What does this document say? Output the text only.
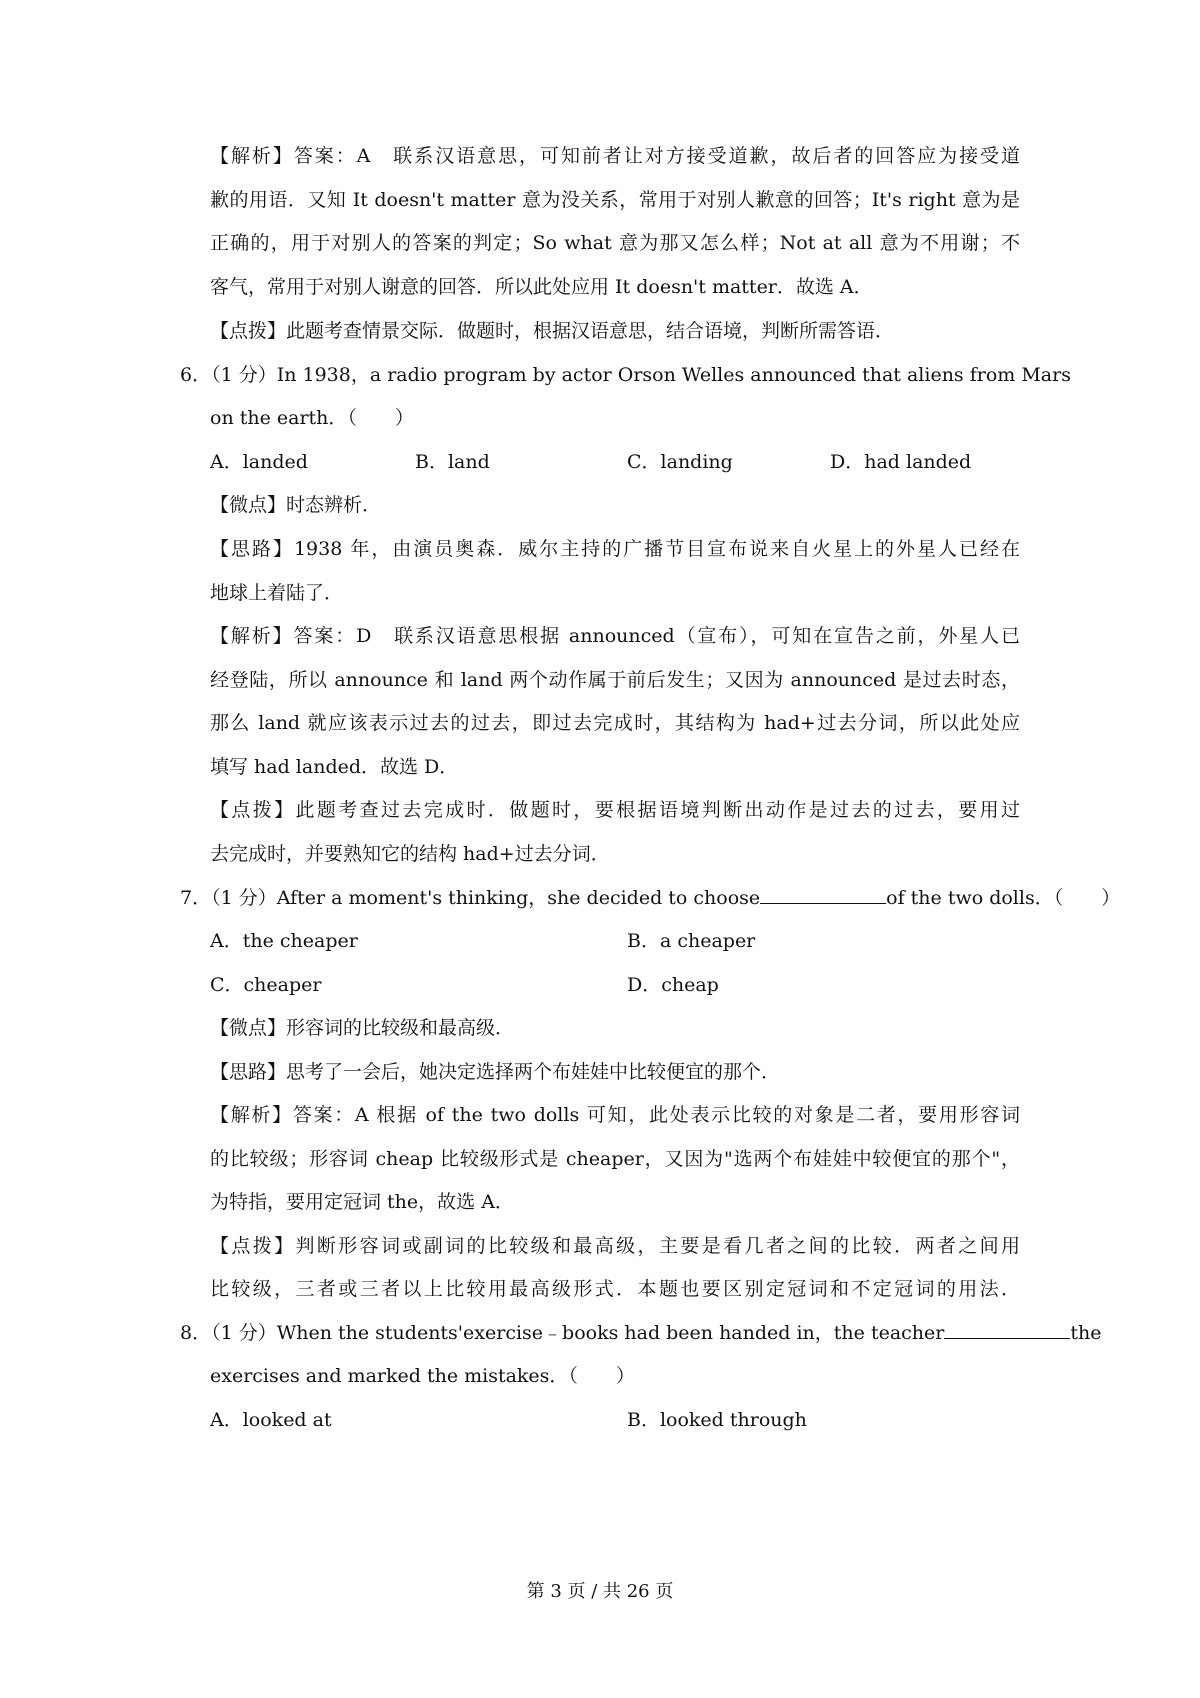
【解析】答案：A　联系汉语意思，可知前者让对方接受道歉，故后者的回答应为接受道
歉的用语．又知 It doesn't matter 意为没关系，常用于对别人歉意的回答；It's right 意为是
正确的，用于对别人的答案的判定；So what 意为那又怎么样；Not at all 意为不用谢；不
客气，常用于对别人谢意的回答．所以此处应用 It doesn't matter．故选 A．
【点拨】此题考查情景交际．做题时，根据汉语意思，结合语境，判断所需答语．
6．（1 分）In 1938，a radio program by actor Orson Welles announced that aliens from Mars
on the earth．（　　）
A．landed	B．land	C．landing	D．had landed
【微点】时态辨析．
【思路】1938 年，由演员奥森．威尔主持的广播节目宣布说来自火星上的外星人已经在
地球上着陆了．
【解析】答案：D　联系汉语意思根据 announced（宣布），可知在宣告之前，外星人已
经登陆，所以 announce 和 land 两个动作属于前后发生；又因为 announced 是过去时态，
那么 land 就应该表示过去的过去，即过去完成时，其结构为 had+过去分词，所以此处应
填写 had landed．故选 D．
【点拨】此题考查过去完成时．做题时，要根据语境判断出动作是过去的过去，要用过
去完成时，并要熟知它的结构 had+过去分词．
7．（1 分）After a moment's thinking，she decided to choose	of the two dolls．（　　）
A．the cheaper	B．a cheaper
C．cheaper	D．cheap
【微点】形容词的比较级和最高级．
【思路】思考了一会后，她决定选择两个布娃娃中比较便宜的那个．
【解析】答案：A 根据 of the two dolls 可知，此处表示比较的对象是二者，要用形容词
的比较级；形容词 cheap 比较级形式是 cheaper，又因为"选两个布娃娃中较便宜的那个"，
为特指，要用定冠词 the，故选 A．
【点拨】判断形容词或副词的比较级和最高级，主要是看几者之间的比较．两者之间用
比较级，三者或三者以上比较用最高级形式．本题也要区别定冠词和不定冠词的用法．
8．（1 分）When the students'exercise﹣books had been handed in，the teacher	the
exercises and marked the mistakes．（　　）
A．looked at	B．looked through
第 3 页 / 共 26 页
